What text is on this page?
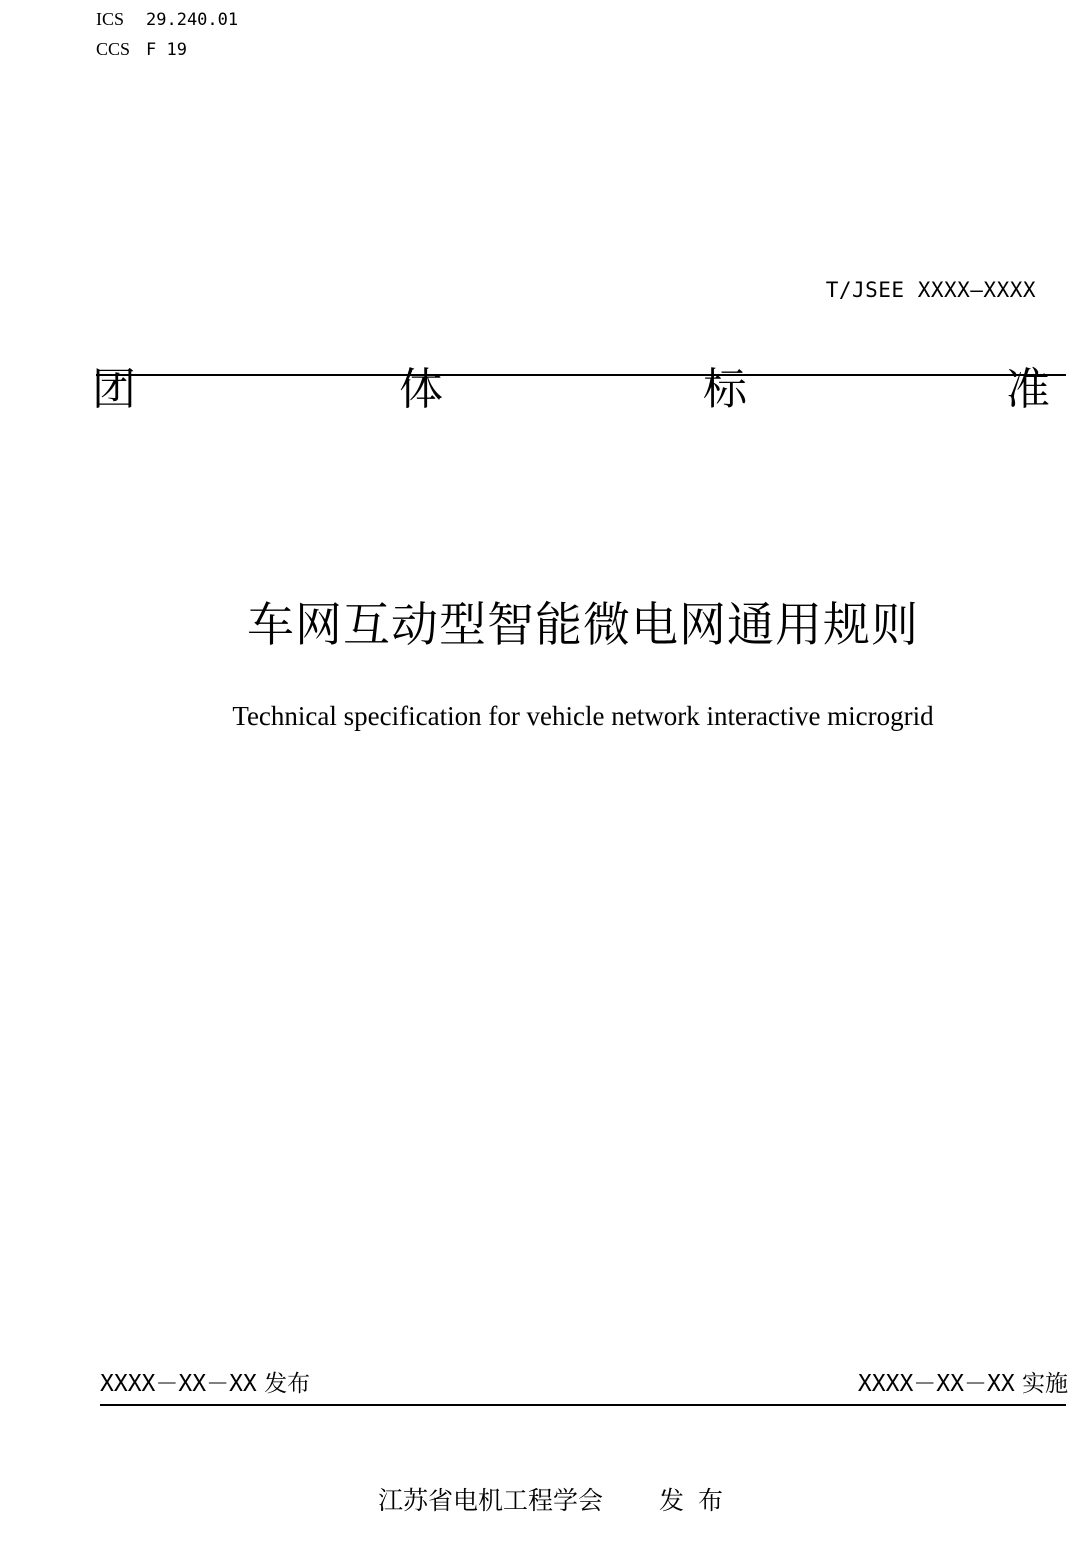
ICS 29.240.01
CCS F 19
T/JSEE XXXX—XXXX
团	体	标	准
车网互动型智能微电网通用规则
Technical specification for vehicle network interactive microgrid
XXXX－XX－XX 发布	XXXX－XX－XX 实施
江苏省电机工程学会 发布
